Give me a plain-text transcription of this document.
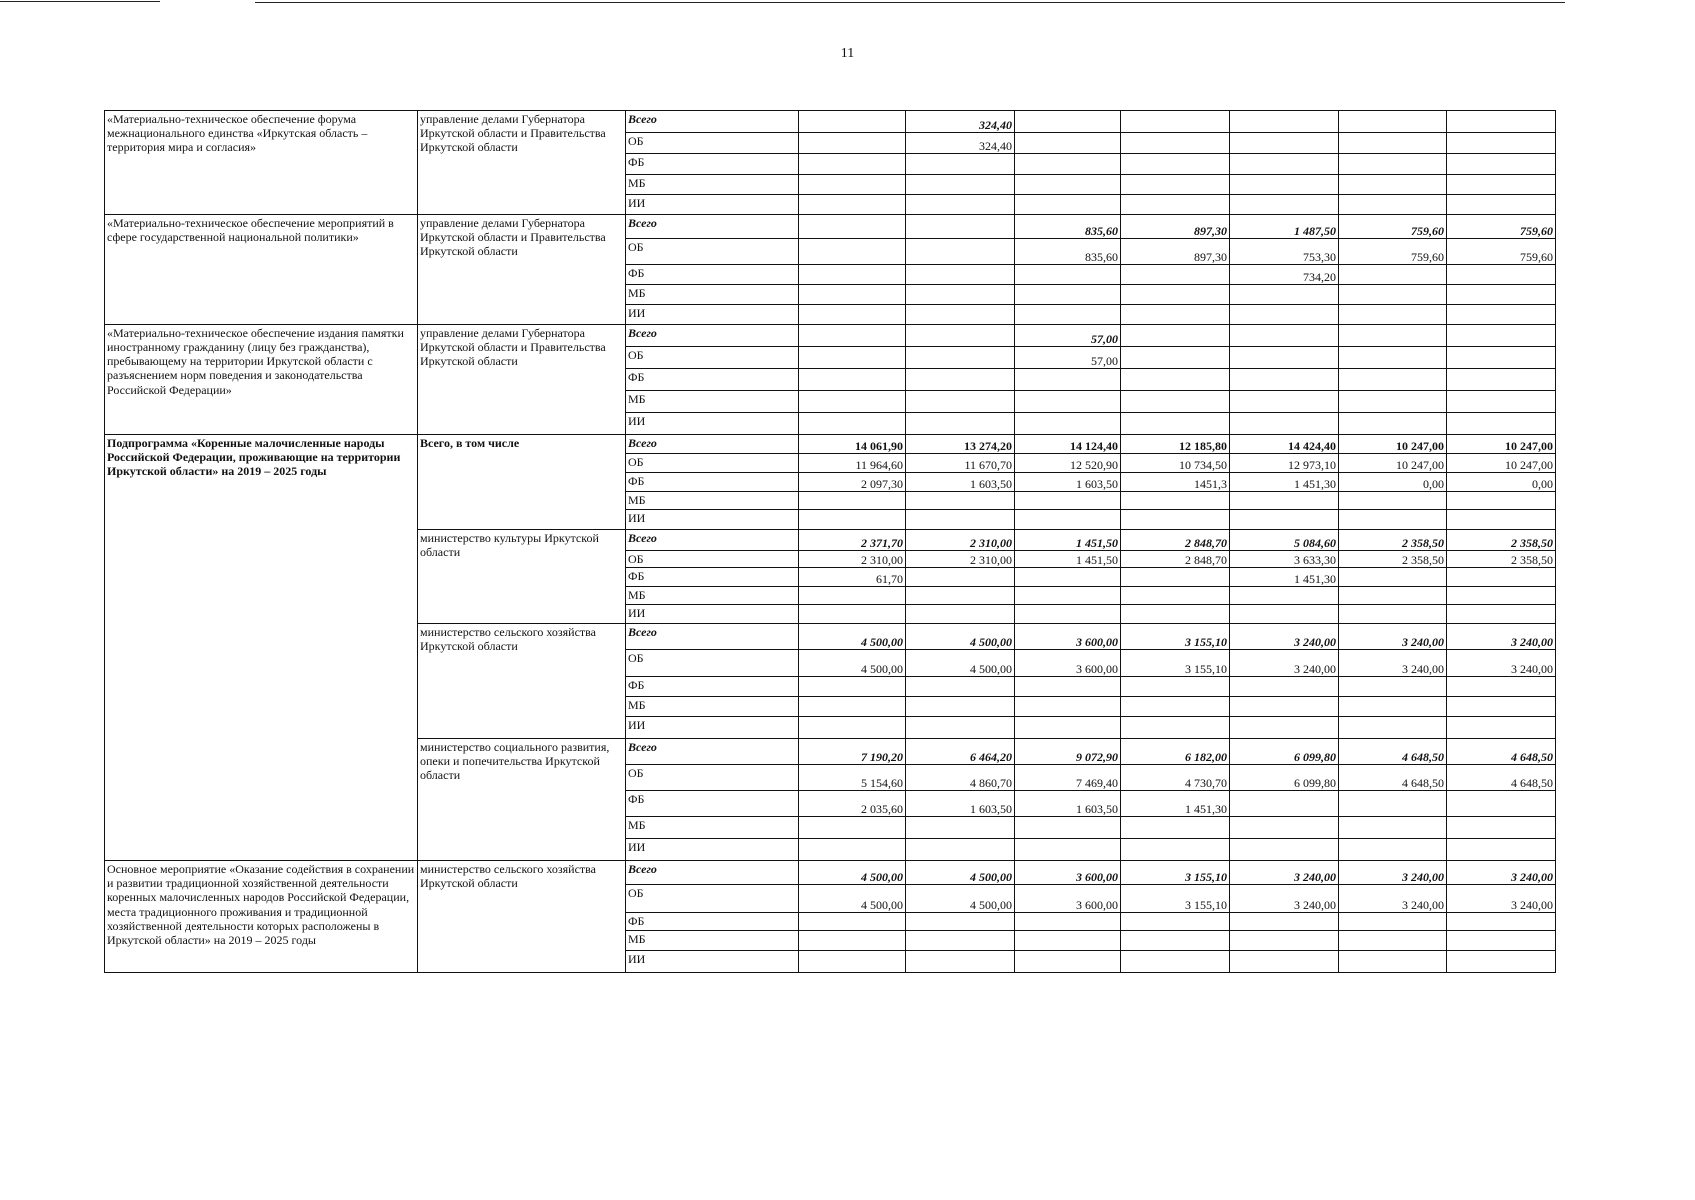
11
«Материально-техническое обеспечение форума межнационального единства «Иркутская область – территория мира и согласия»	управление делами Губернатора Иркутской области и Правительства Иркутской области	Всего		324,40					
		ОБ		324,40					
		ФБ							
		МБ							
		ИИ							
«Материально-техническое обеспечение мероприятий в сфере государственной национальной политики»	управление делами Губернатора Иркутской области и Правительства Иркутской области	Всего			835,60	897,30	1 487,50	759,60	759,60
		ОБ			835,60	897,30	753,30	759,60	759,60
		ФБ					734,20		
		МБ							
		ИИ							
«Материально-техническое обеспечение издания памятки иностранному гражданину (лицу без гражданства), пребывающему на территории Иркутской области с разъяснением норм поведения и законодательства Российской Федерации»	управление делами Губернатора Иркутской области и Правительства Иркутской области	Всего			57,00				
		ОБ			57,00				
		ФБ							
		МБ							
		ИИ							
Подпрограмма «Коренные малочисленные народы Российской Федерации, проживающие на территории Иркутской области» на 2019 – 2025 годы	Всего, в том числе	Всего	14 061,90	13 274,20	14 124,40	12 185,80	14 424,40	10 247,00	10 247,00
		ОБ	11 964,60	11 670,70	12 520,90	10 734,50	12 973,10	10 247,00	10 247,00
		ФБ	2 097,30	1 603,50	1 603,50	1451,3	1 451,30	0,00	0,00
		МБ							
		ИИ							
	министерство культуры Иркутской области	Всего	2 371,70	2 310,00	1 451,50	2 848,70	5 084,60	2 358,50	2 358,50
		ОБ	2 310,00	2 310,00	1 451,50	2 848,70	3 633,30	2 358,50	2 358,50
		ФБ	61,70				1 451,30		
		МБ							
		ИИ							
	министерство сельского хозяйства Иркутской области	Всего	4 500,00	4 500,00	3 600,00	3 155,10	3 240,00	3 240,00	3 240,00
		ОБ	4 500,00	4 500,00	3 600,00	3 155,10	3 240,00	3 240,00	3 240,00
		ФБ							
		МБ							
		ИИ							
	министерство социального развития, опеки и попечительства Иркутской области	Всего	7 190,20	6 464,20	9 072,90	6 182,00	6 099,80	4 648,50	4 648,50
		ОБ	5 154,60	4 860,70	7 469,40	4 730,70	6 099,80	4 648,50	4 648,50
		ФБ	2 035,60	1 603,50	1 603,50	1 451,30			
		МБ							
		ИИ							
Основное мероприятие «Оказание содействия в сохранении и развитии традиционной хозяйственной деятельности коренных малочисленных народов Российской Федерации, места традиционного проживания и традиционной хозяйственной деятельности которых расположены в Иркутской области» на 2019 – 2025 годы	министерство сельского хозяйства Иркутской области	Всего	4 500,00	4 500,00	3 600,00	3 155,10	3 240,00	3 240,00	3 240,00
		ОБ	4 500,00	4 500,00	3 600,00	3 155,10	3 240,00	3 240,00	3 240,00
		ФБ							
		МБ							
		ИИ							
